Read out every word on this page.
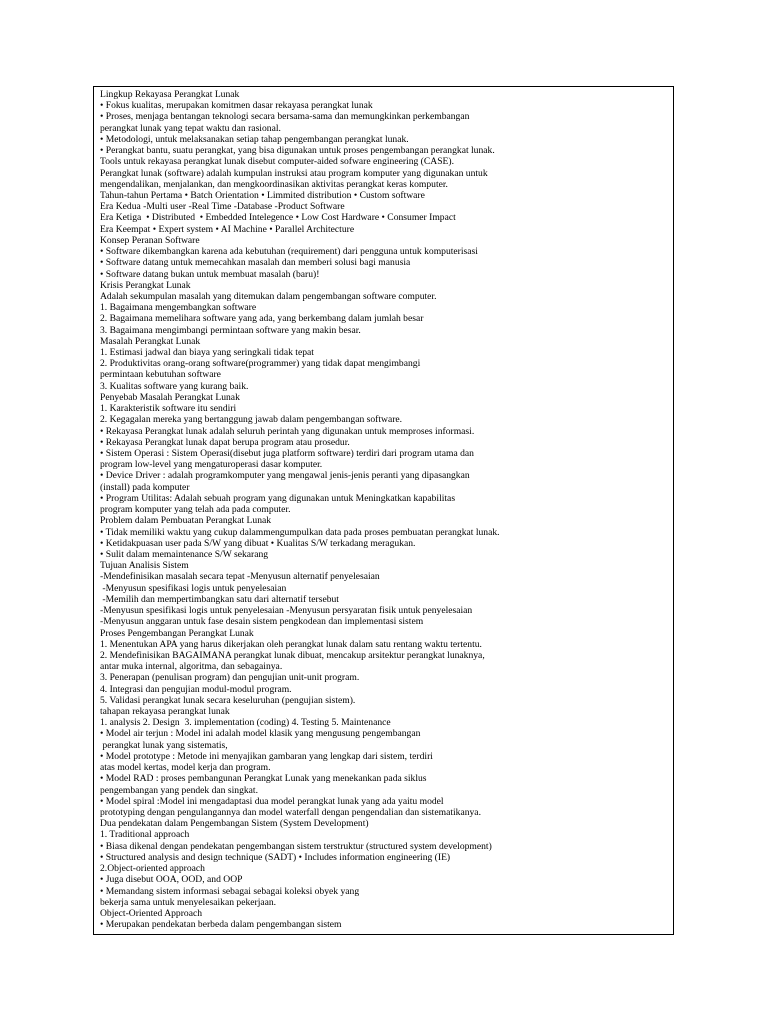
Lingkup Rekayasa Perangkat Lunak
• Fokus kualitas, merupakan komitmen dasar rekayasa perangkat lunak
• Proses, menjaga bentangan teknologi secara bersama-sama dan memungkinkan perkembangan
perangkat lunak yang tepat waktu dan rasional.
• Metodologi, untuk melaksanakan setiap tahap pengembangan perangkat lunak.
• Perangkat bantu, suatu perangkat, yang bisa digunakan untuk proses pengembangan perangkat lunak.
Tools untuk rekayasa perangkat lunak disebut computer-aided sofware engineering (CASE).
Perangkat lunak (software) adalah kumpulan instruksi atau program komputer yang digunakan untuk
mengendalikan, menjalankan, dan mengkoordinasikan aktivitas perangkat keras komputer.
Tahun-tahun Pertama • Batch Orientation • Limmited distribution • Custom software
Era Kedua -Multi user -Real Time -Database -Product Software
Era Ketiga  • Distributed  • Embedded Intelegence • Low Cost Hardware • Consumer Impact
Era Keempat • Expert system • AI Machine • Parallel Architecture
Konsep Peranan Software
• Software dikembangkan karena ada kebutuhan (requirement) dari pengguna untuk komputerisasi
• Software datang untuk memecahkan masalah dan memberi solusi bagi manusia
• Software datang bukan untuk membuat masalah (baru)!
Krisis Perangkat Lunak
Adalah sekumpulan masalah yang ditemukan dalam pengembangan software computer.
1. Bagaimana mengembangkan software
2. Bagaimana memelihara software yang ada, yang berkembang dalam jumlah besar
3. Bagaimana mengimbangi permintaan software yang makin besar.
Masalah Perangkat Lunak
1. Estimasi jadwal dan biaya yang seringkali tidak tepat
2. Produktivitas orang-orang software(programmer) yang tidak dapat mengimbangi
permintaan kebutuhan software
3. Kualitas software yang kurang baik.
Penyebab Masalah Perangkat Lunak
1. Karakteristik software itu sendiri
2. Kegagalan mereka yang bertanggung jawab dalam pengembangan software.
• Rekayasa Perangkat lunak adalah seluruh perintah yang digunakan untuk memproses informasi.
• Rekayasa Perangkat lunak dapat berupa program atau prosedur.
• Sistem Operasi : Sistem Operasi(disebut juga platform software) terdiri dari program utama dan
program low-level yang mengaturoperasi dasar komputer.
• Device Driver : adalah programkomputer yang mengawal jenis-jenis peranti yang dipasangkan
(install) pada komputer
• Program Utilitas: Adalah sebuah program yang digunakan untuk Meningkatkan kapabilitas
program komputer yang telah ada pada computer.
Problem dalam Pembuatan Perangkat Lunak
• Tidak memiliki waktu yang cukup dalammengumpulkan data pada proses pembuatan perangkat lunak.
• Ketidakpuasan user pada S/W yang dibuat • Kualitas S/W terkadang meragukan.
• Sulit dalam memaintenance S/W sekarang
Tujuan Analisis Sistem
-Mendefinisikan masalah secara tepat -Menyusun alternatif penyelesaian
-Menyusun spesifikasi logis untuk penyelesaian
-Memilih dan mempertimbangkan satu dari alternatif tersebut
-Menyusun spesifikasi logis untuk penyelesaian -Menyusun persyaratan fisik untuk penyelesaian
-Menyusun anggaran untuk fase desain sistem pengkodean dan implementasi sistem
Proses Pengembangan Perangkat Lunak
1. Menentukan APA yang harus dikerjakan oleh perangkat lunak dalam satu rentang waktu tertentu.
2. Mendefinisikan BAGAIMANA perangkat lunak dibuat, mencakup arsitektur perangkat lunaknya,
antar muka internal, algoritma, dan sebagainya.
3. Penerapan (penulisan program) dan pengujian unit-unit program.
4. Integrasi dan pengujian modul-modul program.
5. Validasi perangkat lunak secara keseluruhan (pengujian sistem).
tahapan rekayasa perangkat lunak
1. analysis 2. Design  3. implementation (coding) 4. Testing 5. Maintenance
• Model air terjun : Model ini adalah model klasik yang mengusung pengembangan
perangkat lunak yang sistematis,
• Model prototype : Metode ini menyajikan gambaran yang lengkap dari sistem, terdiri
atas model kertas, model kerja dan program.
• Model RAD : proses pembangunan Perangkat Lunak yang menekankan pada siklus
pengembangan yang pendek dan singkat.
• Model spiral :Model ini mengadaptasi dua model perangkat lunak yang ada yaitu model
prototyping dengan pengulangannya dan model waterfall dengan pengendalian dan sistematikanya.
Dua pendekatan dalam Pengembangan Sistem (System Development)
1. Traditional approach
• Biasa dikenal dengan pendekatan pengembangan sistem terstruktur (structured system development)
• Structured analysis and design technique (SADT) • Includes information engineering (IE)
2.Object-oriented approach
• Juga disebut OOA, OOD, and OOP
• Memandang sistem informasi sebagai sebagai koleksi obyek yang
bekerja sama untuk menyelesaikan pekerjaan.
Object-Oriented Approach
• Merupakan pendekatan berbeda dalam pengembangan sistem
